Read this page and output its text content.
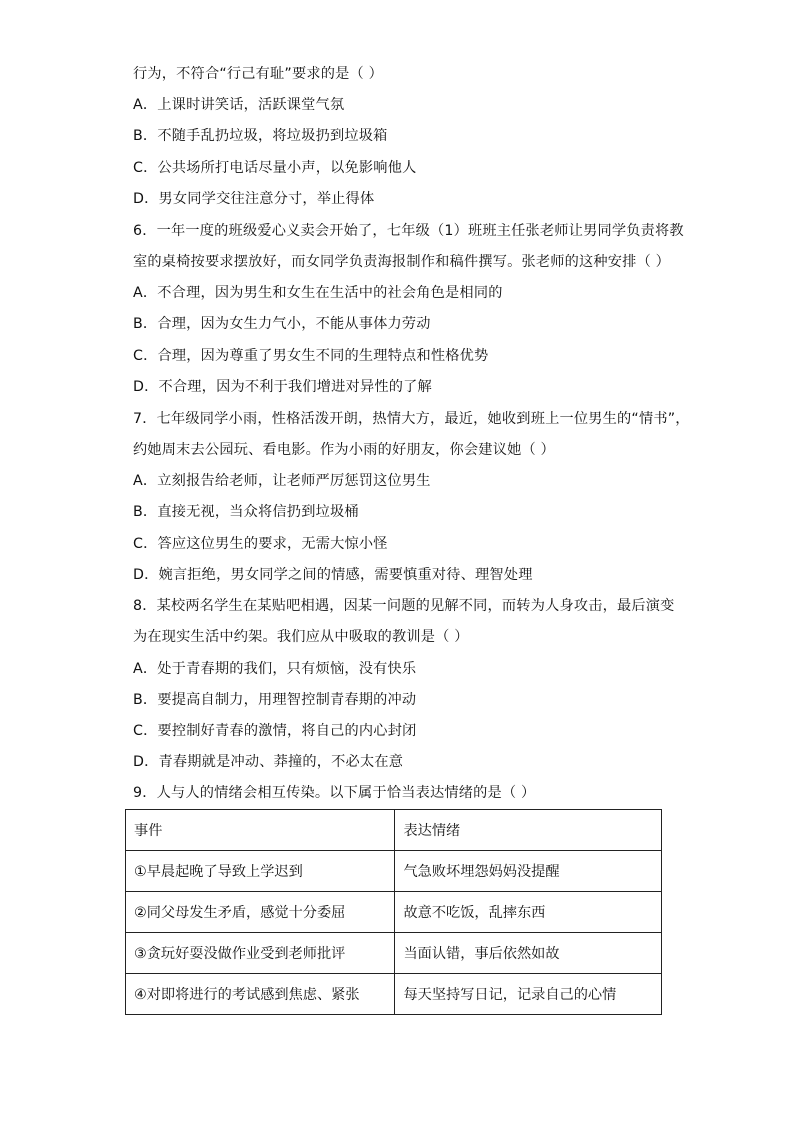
行为，不符合“行己有耻”要求的是（ ）
A．上课时讲笑话，活跃课堂气氛
B．不随手乱扔垃圾，将垃圾扔到垃圾箱
C．公共场所打电话尽量小声，以免影响他人
D．男女同学交往注意分寸，举止得体
6．一年一度的班级爱心义卖会开始了，七年级（1）班班主任张老师让男同学负责将教
室的桌椅按要求摆放好，而女同学负责海报制作和稿件撰写。张老师的这种安排（ ）
A．不合理，因为男生和女生在生活中的社会角色是相同的
B．合理，因为女生力气小，不能从事体力劳动
C．合理，因为尊重了男女生不同的生理特点和性格优势
D．不合理，因为不利于我们增进对异性的了解
7．七年级同学小雨，性格活泼开朗，热情大方，最近，她收到班上一位男生的“情书”，
约她周末去公园玩、看电影。作为小雨的好朋友，你会建议她（ ）
A．立刻报告给老师，让老师严厉惩罚这位男生
B．直接无视，当众将信扔到垃圾桶
C．答应这位男生的要求，无需大惊小怪
D．婉言拒绝，男女同学之间的情感，需要慎重对待、理智处理
8．某校两名学生在某贴吧相遇，因某一问题的见解不同，而转为人身攻击，最后演变
为在现实生活中约架。我们应从中吸取的教训是（ ）
A．处于青春期的我们，只有烦恼，没有快乐
B．要提高自制力，用理智控制青春期的冲动
C．要控制好青春的激情，将自己的内心封闭
D．青春期就是冲动、莽撞的，不必太在意
9．人与人的情绪会相互传染。以下属于恰当表达情绪的是（ ）
事件	表达情绪
①早晨起晚了导致上学迟到	气急败坏埋怨妈妈没提醒
②同父母发生矛盾，感觉十分委屈	故意不吃饭，乱摔东西
③贪玩好耍没做作业受到老师批评	当面认错，事后依然如故
④对即将进行的考试感到焦虑、紧张	每天坚持写日记，记录自己的心情
